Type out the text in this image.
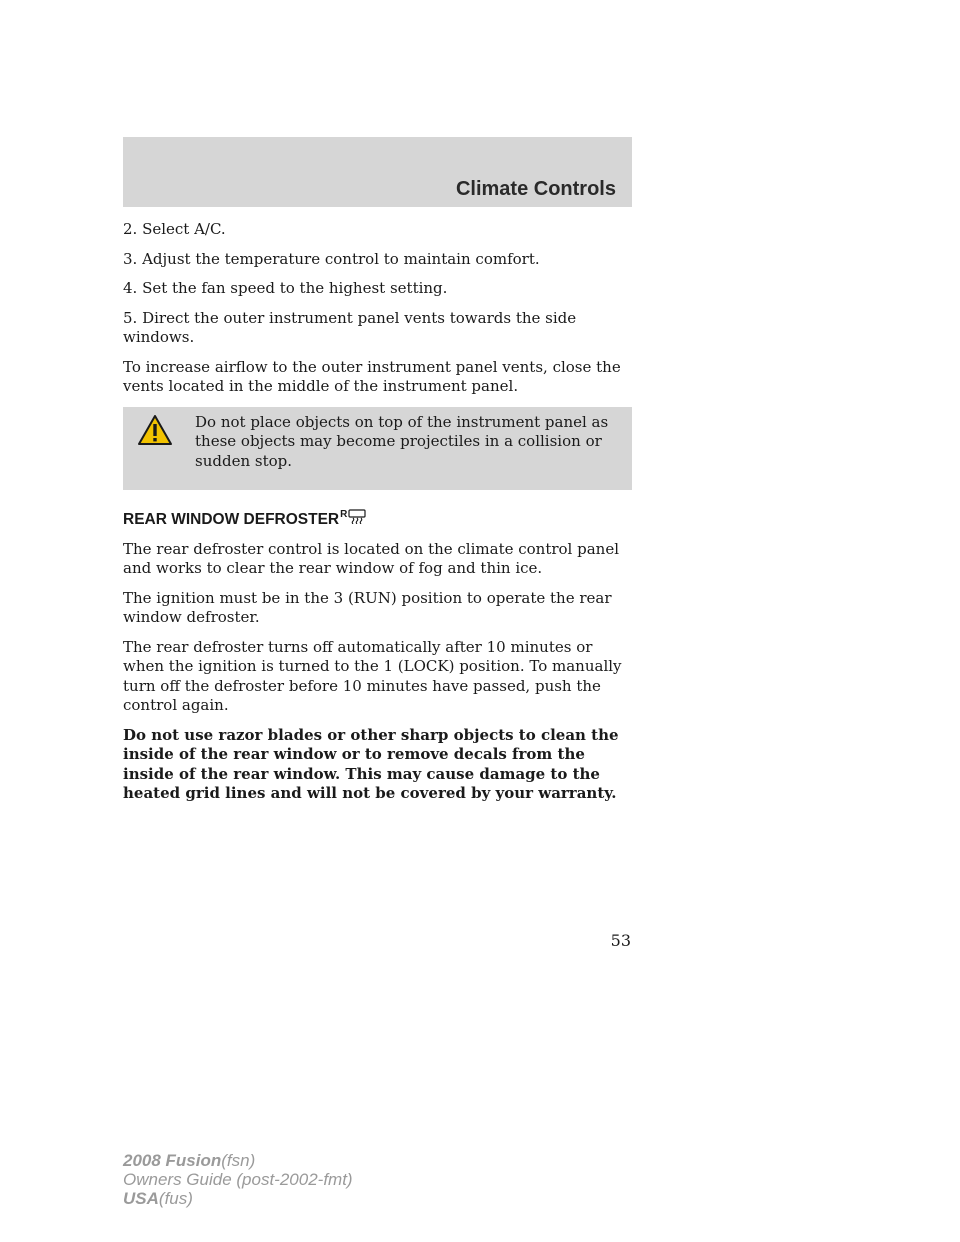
Climate Controls

2. Select A/C.

3. Adjust the temperature control to maintain comfort.

4. Set the fan speed to the highest setting.

5. Direct the outer instrument panel vents towards the side windows.

To increase airflow to the outer instrument panel vents, close the vents located in the middle of the instrument panel.

Do not place objects on top of the instrument panel as these objects may become projectiles in a collision or sudden stop.

REAR WINDOW $DEFROSTER^R$

The rear defroster control is located on the climate control panel and works to clear the rear window of fog and thin ice.

The ignition must be in the 3 (RUN) position to operate the rear window defroster.

The rear defroster turns off automatically after 10 minutes or when the ignition is turned to the 1 (LOCK) position. To manually turn off the defroster before 10 minutes have passed, push the control again.

Do not use razor blades or other sharp objects to clean the inside of the rear window or to remove decals from the inside of the rear window. This may cause damage to the heated grid lines and will not be covered by your warranty.

53

2008 Fusion(fsn)
Owners Guide (post-2002-fmt)
USA(fus)
